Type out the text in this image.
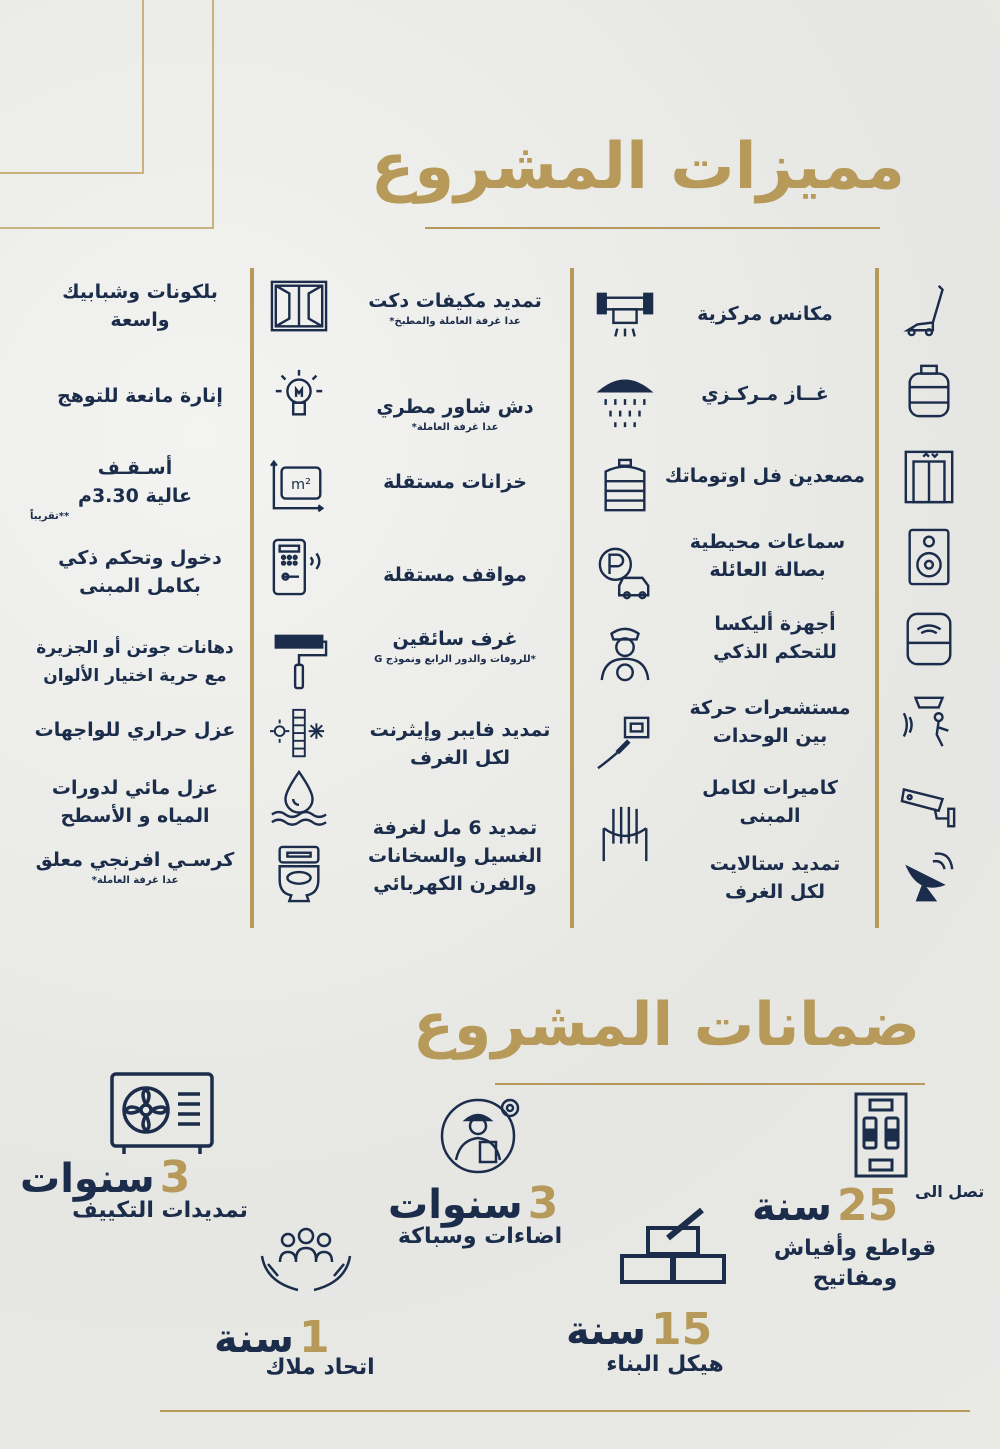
مميزات المشروع
مكانس مركزية
غــاز مـركـزي
مصعدين فل اوتوماتك
سماعات محيطية بصالة العائلة
أجهزة أليكسا للتحكم الذكي
مستشعرات حركة بين الوحدات
كاميرات لكامل المبنى
تمديد ستالايت لكل الغرف
تمديد مكيفات دكت
عدا غرفة العاملة والمطبخ*
دش شاور مطري
عدا غرفة العاملة*
خزانات مستقلة
مواقف مستقلة
غرف سائقين
*للروفات والدور الرابع ونموذج G
تمديد فايبر وإيثرنت لكل الغرف
تمديد 6 مل لغرفة الغسيل والسخانات والفرن الكهربائي
m²
بلكونات وشبابيك واسعة
إنارة مانعة للتوهج
أسـقـف عالية 3.30م
**تقريباً
دخول وتحكم ذكي بكامل المبنى
دهانات جوتن أو الجزيرة مع حرية اختيار الألوان
عزل حراري للواجهات
عزل مائي لدورات المياه و الأسطح
كرسـي افرنجي معلق
عدا غرفة العاملة*
ضمانات المشروع
تصل الى
25 سنة
قواطع وأفياش ومفاتيح
3 سنوات
اضاءات وسباكة
3 سنوات
تمديدات التكييف
15 سنة
هيكل البناء
1 سنة
اتحاد ملاك
